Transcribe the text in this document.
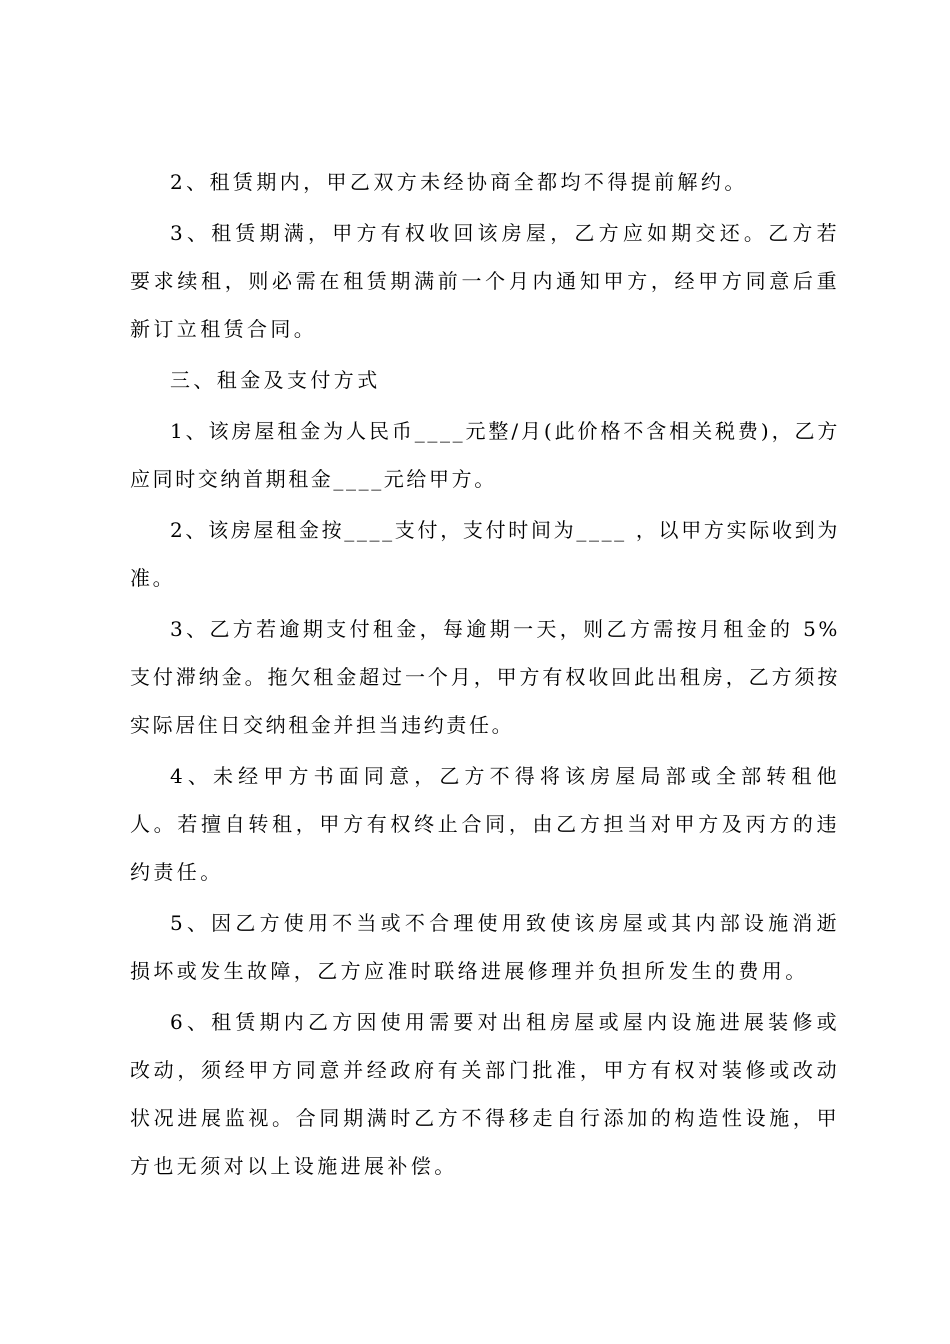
2、租赁期内，甲乙双方未经协商全都均不得提前解约。

3、租赁期满，甲方有权收回该房屋，乙方应如期交还。乙方若要求续租，则必需在租赁期满前一个月内通知甲方，经甲方同意后重新订立租赁合同。

三、租金及支付方式

1、该房屋租金为人民币____元整/月(此价格不含相关税费)，乙方应同时交纳首期租金____元给甲方。

2、该房屋租金按____支付，支付时间为____ ，以甲方实际收到为准。

3、乙方若逾期支付租金，每逾期一天，则乙方需按月租金的 5%支付滞纳金。拖欠租金超过一个月，甲方有权收回此出租房，乙方须按实际居住日交纳租金并担当违约责任。

4、未经甲方书面同意，乙方不得将该房屋局部或全部转租他人。若擅自转租，甲方有权终止合同，由乙方担当对甲方及丙方的违约责任。

5、因乙方使用不当或不合理使用致使该房屋或其内部设施消逝损坏或发生故障，乙方应准时联络进展修理并负担所发生的费用。

6、租赁期内乙方因使用需要对出租房屋或屋内设施进展装修或改动，须经甲方同意并经政府有关部门批准，甲方有权对装修或改动状况进展监视。合同期满时乙方不得移走自行添加的构造性设施，甲方也无须对以上设施进展补偿。
